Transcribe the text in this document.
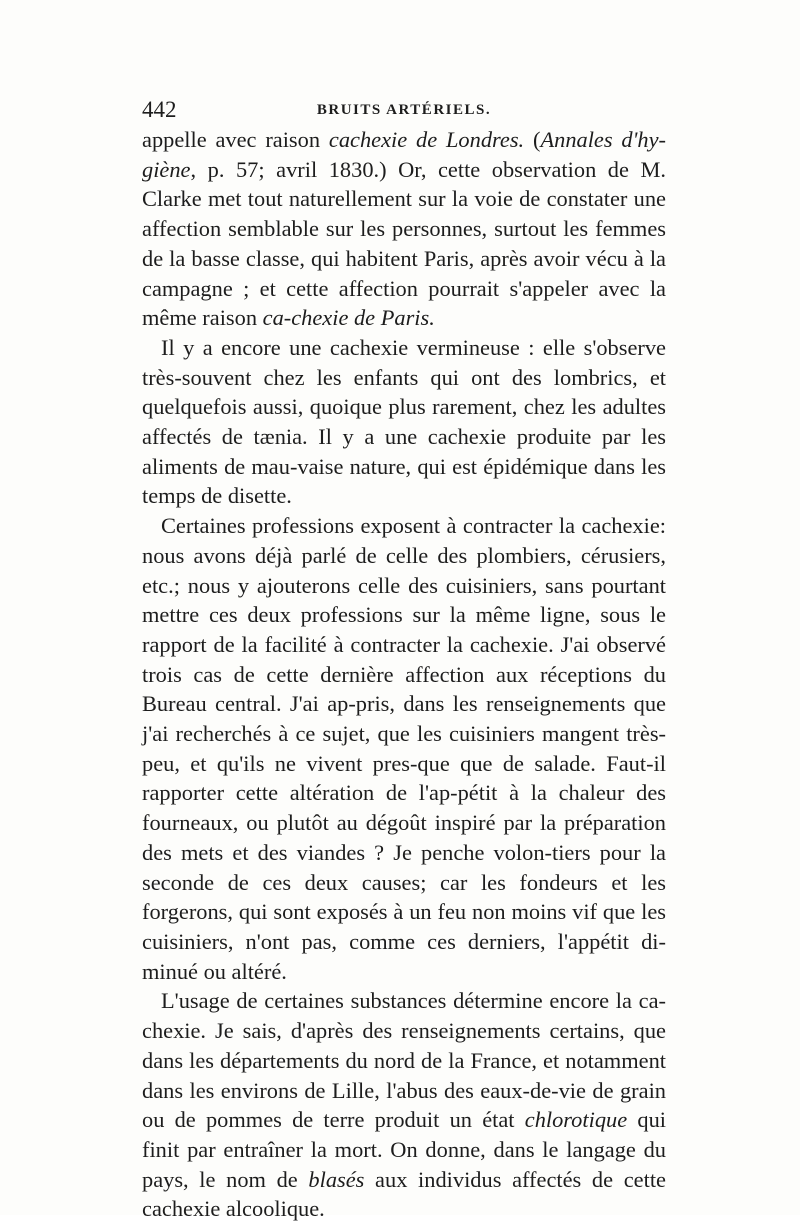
442	BRUITS ARTÉRIELS.

appelle avec raison cachexie de Londres. (Annales d'hy-giène, p. 57; avril 1830.) Or, cette observation de M. Clarke met tout naturellement sur la voie de constater une affection semblable sur les personnes, surtout les femmes de la basse classe, qui habitent Paris, après avoir vécu à la campagne ; et cette affection pourrait s'appeler avec la même raison ca-chexie de Paris.

Il y a encore une cachexie vermineuse : elle s'observe très-souvent chez les enfants qui ont des lombrics, et quelquefois aussi, quoique plus rarement, chez les adultes affectés de tænia. Il y a une cachexie produite par les aliments de mau-vaise nature, qui est épidémique dans les temps de disette.

Certaines professions exposent à contracter la cachexie: nous avons déjà parlé de celle des plombiers, cérusiers, etc.; nous y ajouterons celle des cuisiniers, sans pourtant mettre ces deux professions sur la même ligne, sous le rapport de la facilité à contracter la cachexie. J'ai observé trois cas de cette dernière affection aux réceptions du Bureau central. J'ai ap-pris, dans les renseignements que j'ai recherchés à ce sujet, que les cuisiniers mangent très-peu, et qu'ils ne vivent pres-que que de salade. Faut-il rapporter cette altération de l'ap-pétit à la chaleur des fourneaux, ou plutôt au dégoût inspiré par la préparation des mets et des viandes ? Je penche volon-tiers pour la seconde de ces deux causes; car les fondeurs et les forgerons, qui sont exposés à un feu non moins vif que les cuisiniers, n'ont pas, comme ces derniers, l'appétit di-minué ou altéré.

L'usage de certaines substances détermine encore la ca-chexie. Je sais, d'après des renseignements certains, que dans les départements du nord de la France, et notamment dans les environs de Lille, l'abus des eaux-de-vie de grain ou de pommes de terre produit un état chlorotique qui finit par entraîner la mort. On donne, dans le langage du pays, le nom de blasés aux individus affectés de cette cachexie alcoolique.
